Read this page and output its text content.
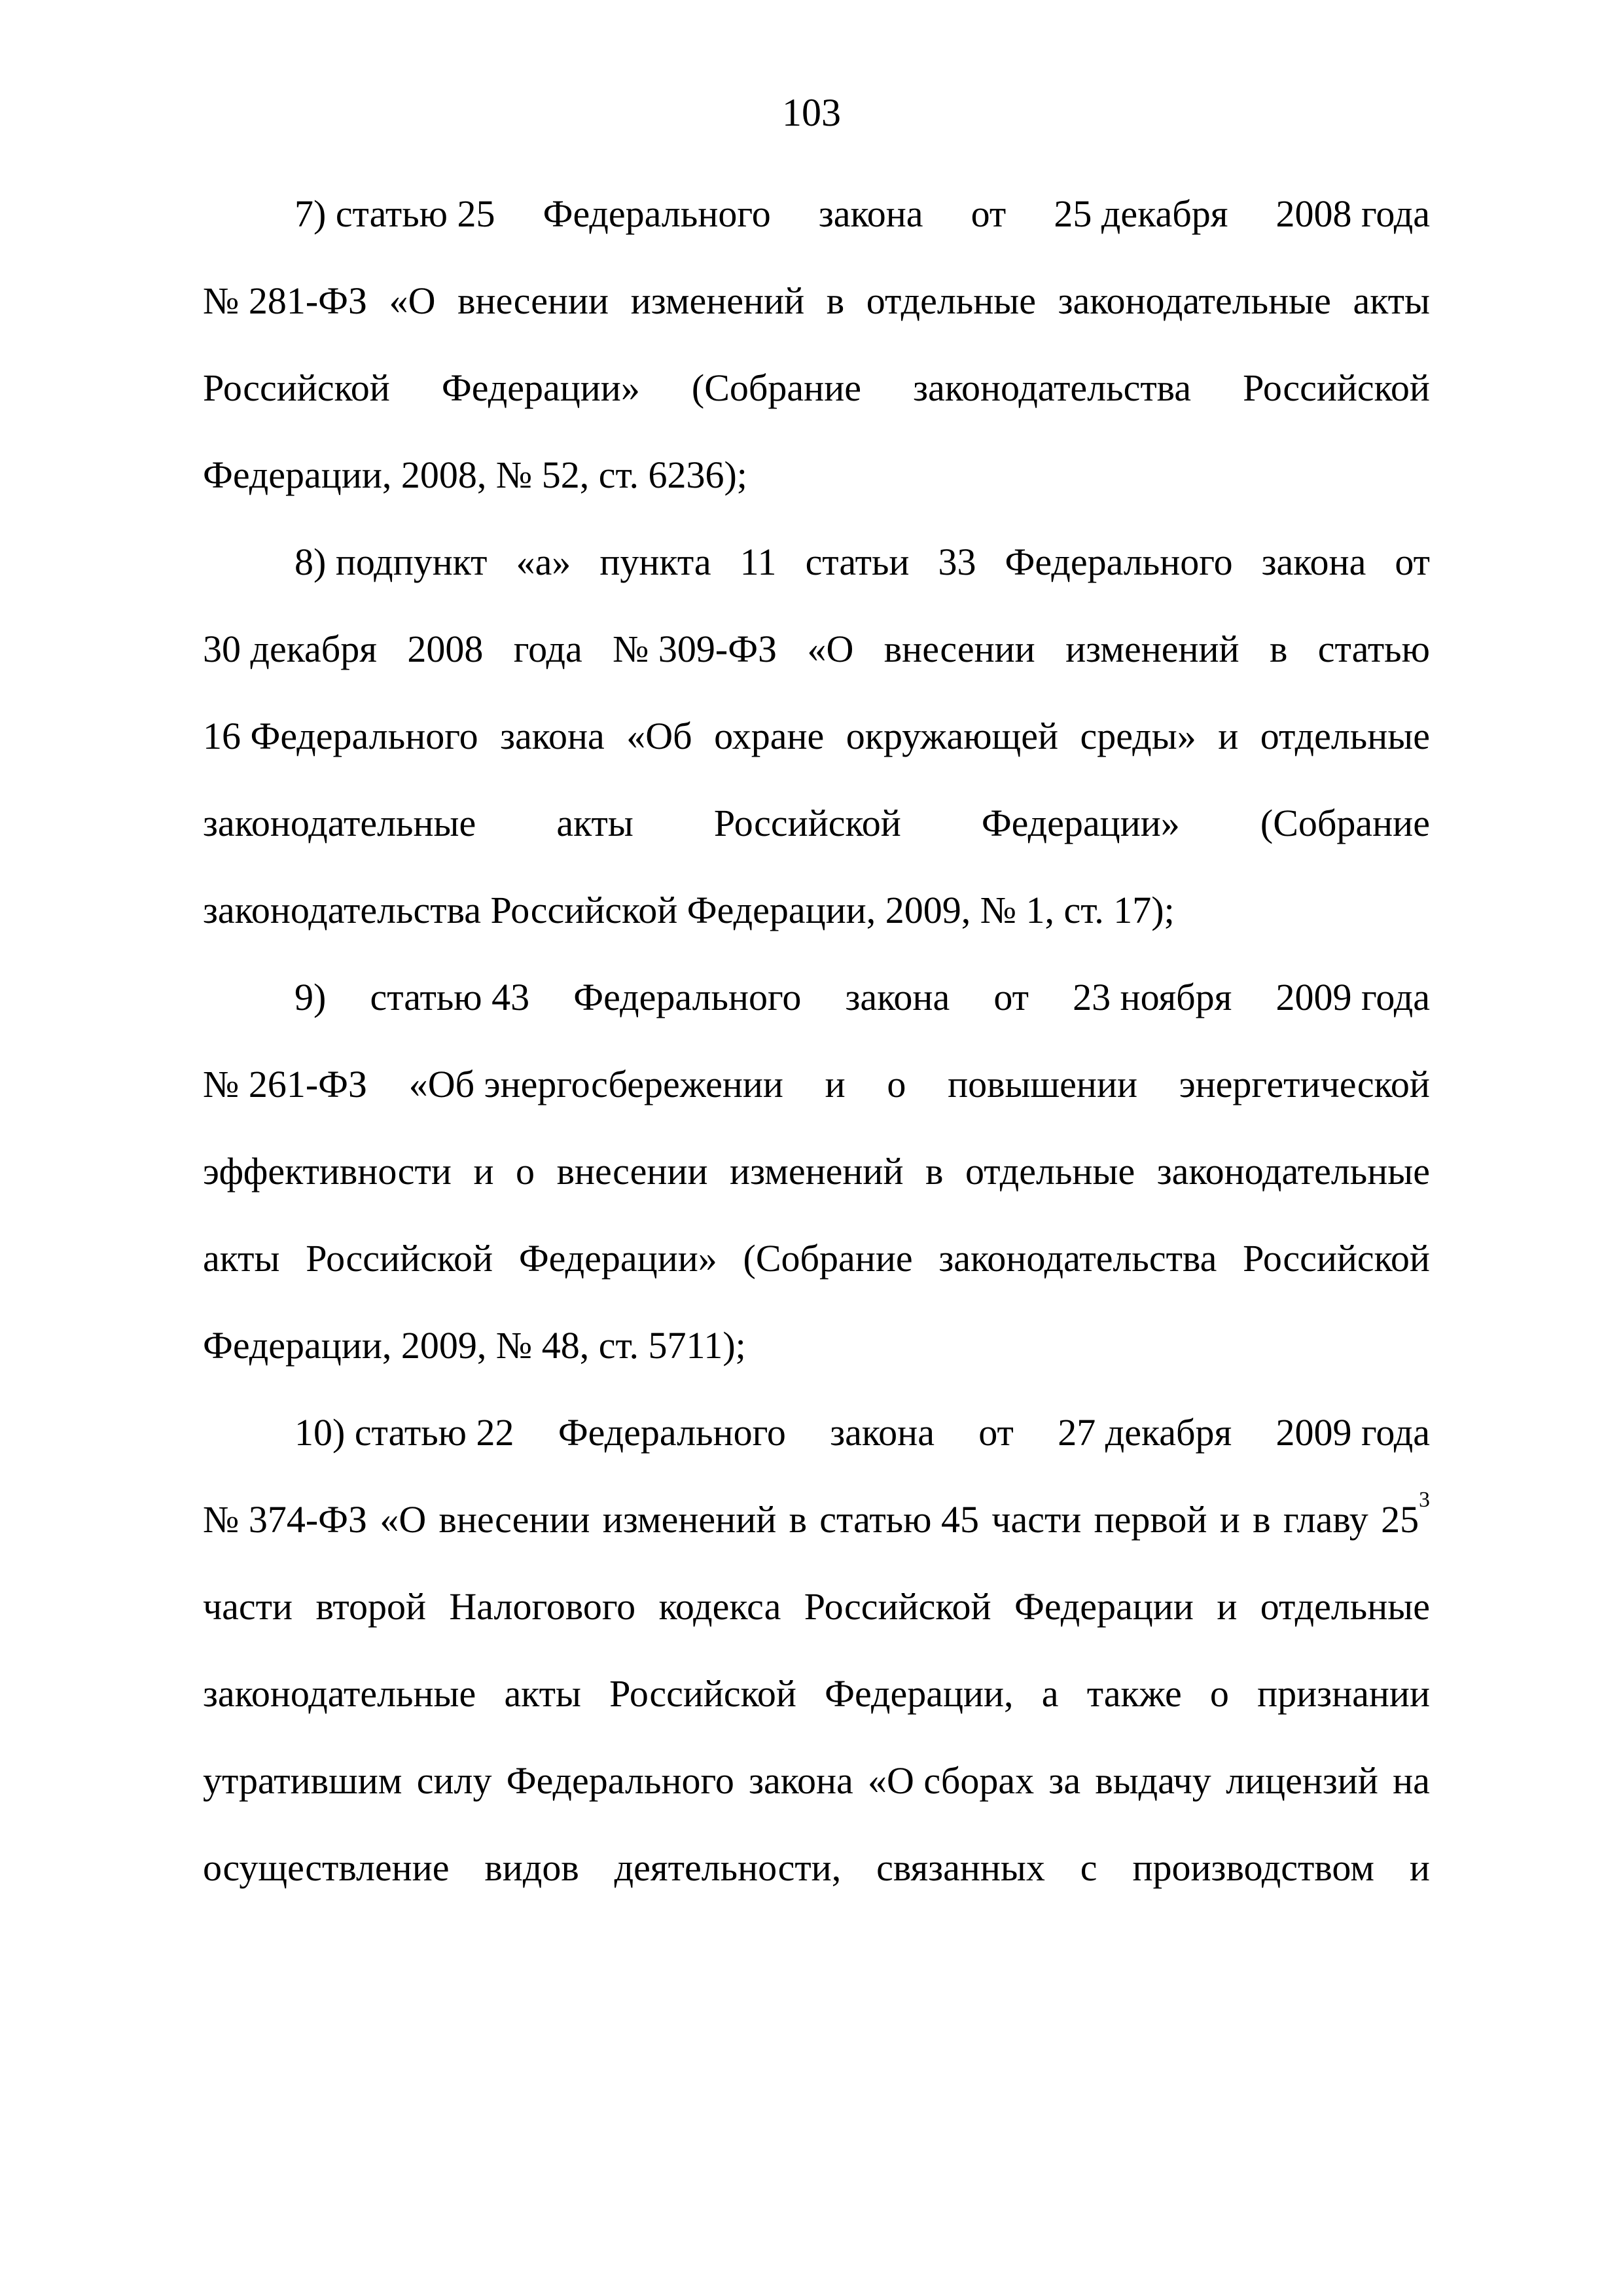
103
7) статью 25 Федерального закона от 25 декабря 2008 года
№ 281-ФЗ «О внесении изменений в отдельные законодательные акты
Российской Федерации» (Собрание законодательства Российской
Федерации, 2008, № 52, ст. 6236);
8) подпункт «а» пункта 11 статьи 33 Федерального закона от
30 декабря 2008 года № 309-ФЗ «О внесении изменений в статью
16 Федерального закона «Об охране окружающей среды» и отдельные
законодательные акты Российской Федерации» (Собрание
законодательства Российской Федерации, 2009, № 1, ст. 17);
9) статью 43 Федерального закона от 23 ноября 2009 года
№ 261-ФЗ «Об энергосбережении и о повышении энергетической
эффективности и о внесении изменений в отдельные законодательные
акты Российской Федерации» (Собрание законодательства Российской
Федерации, 2009, № 48, ст. 5711);
10) статью 22 Федерального закона от 27 декабря 2009 года
№ 374-ФЗ «О внесении изменений в статью 45 части первой и в главу $25^3$
части второй Налогового кодекса Российской Федерации и отдельные
законодательные акты Российской Федерации, а также о признании
утратившим силу Федерального закона «О сборах за выдачу лицензий на
осуществление видов деятельности, связанных с производством и
